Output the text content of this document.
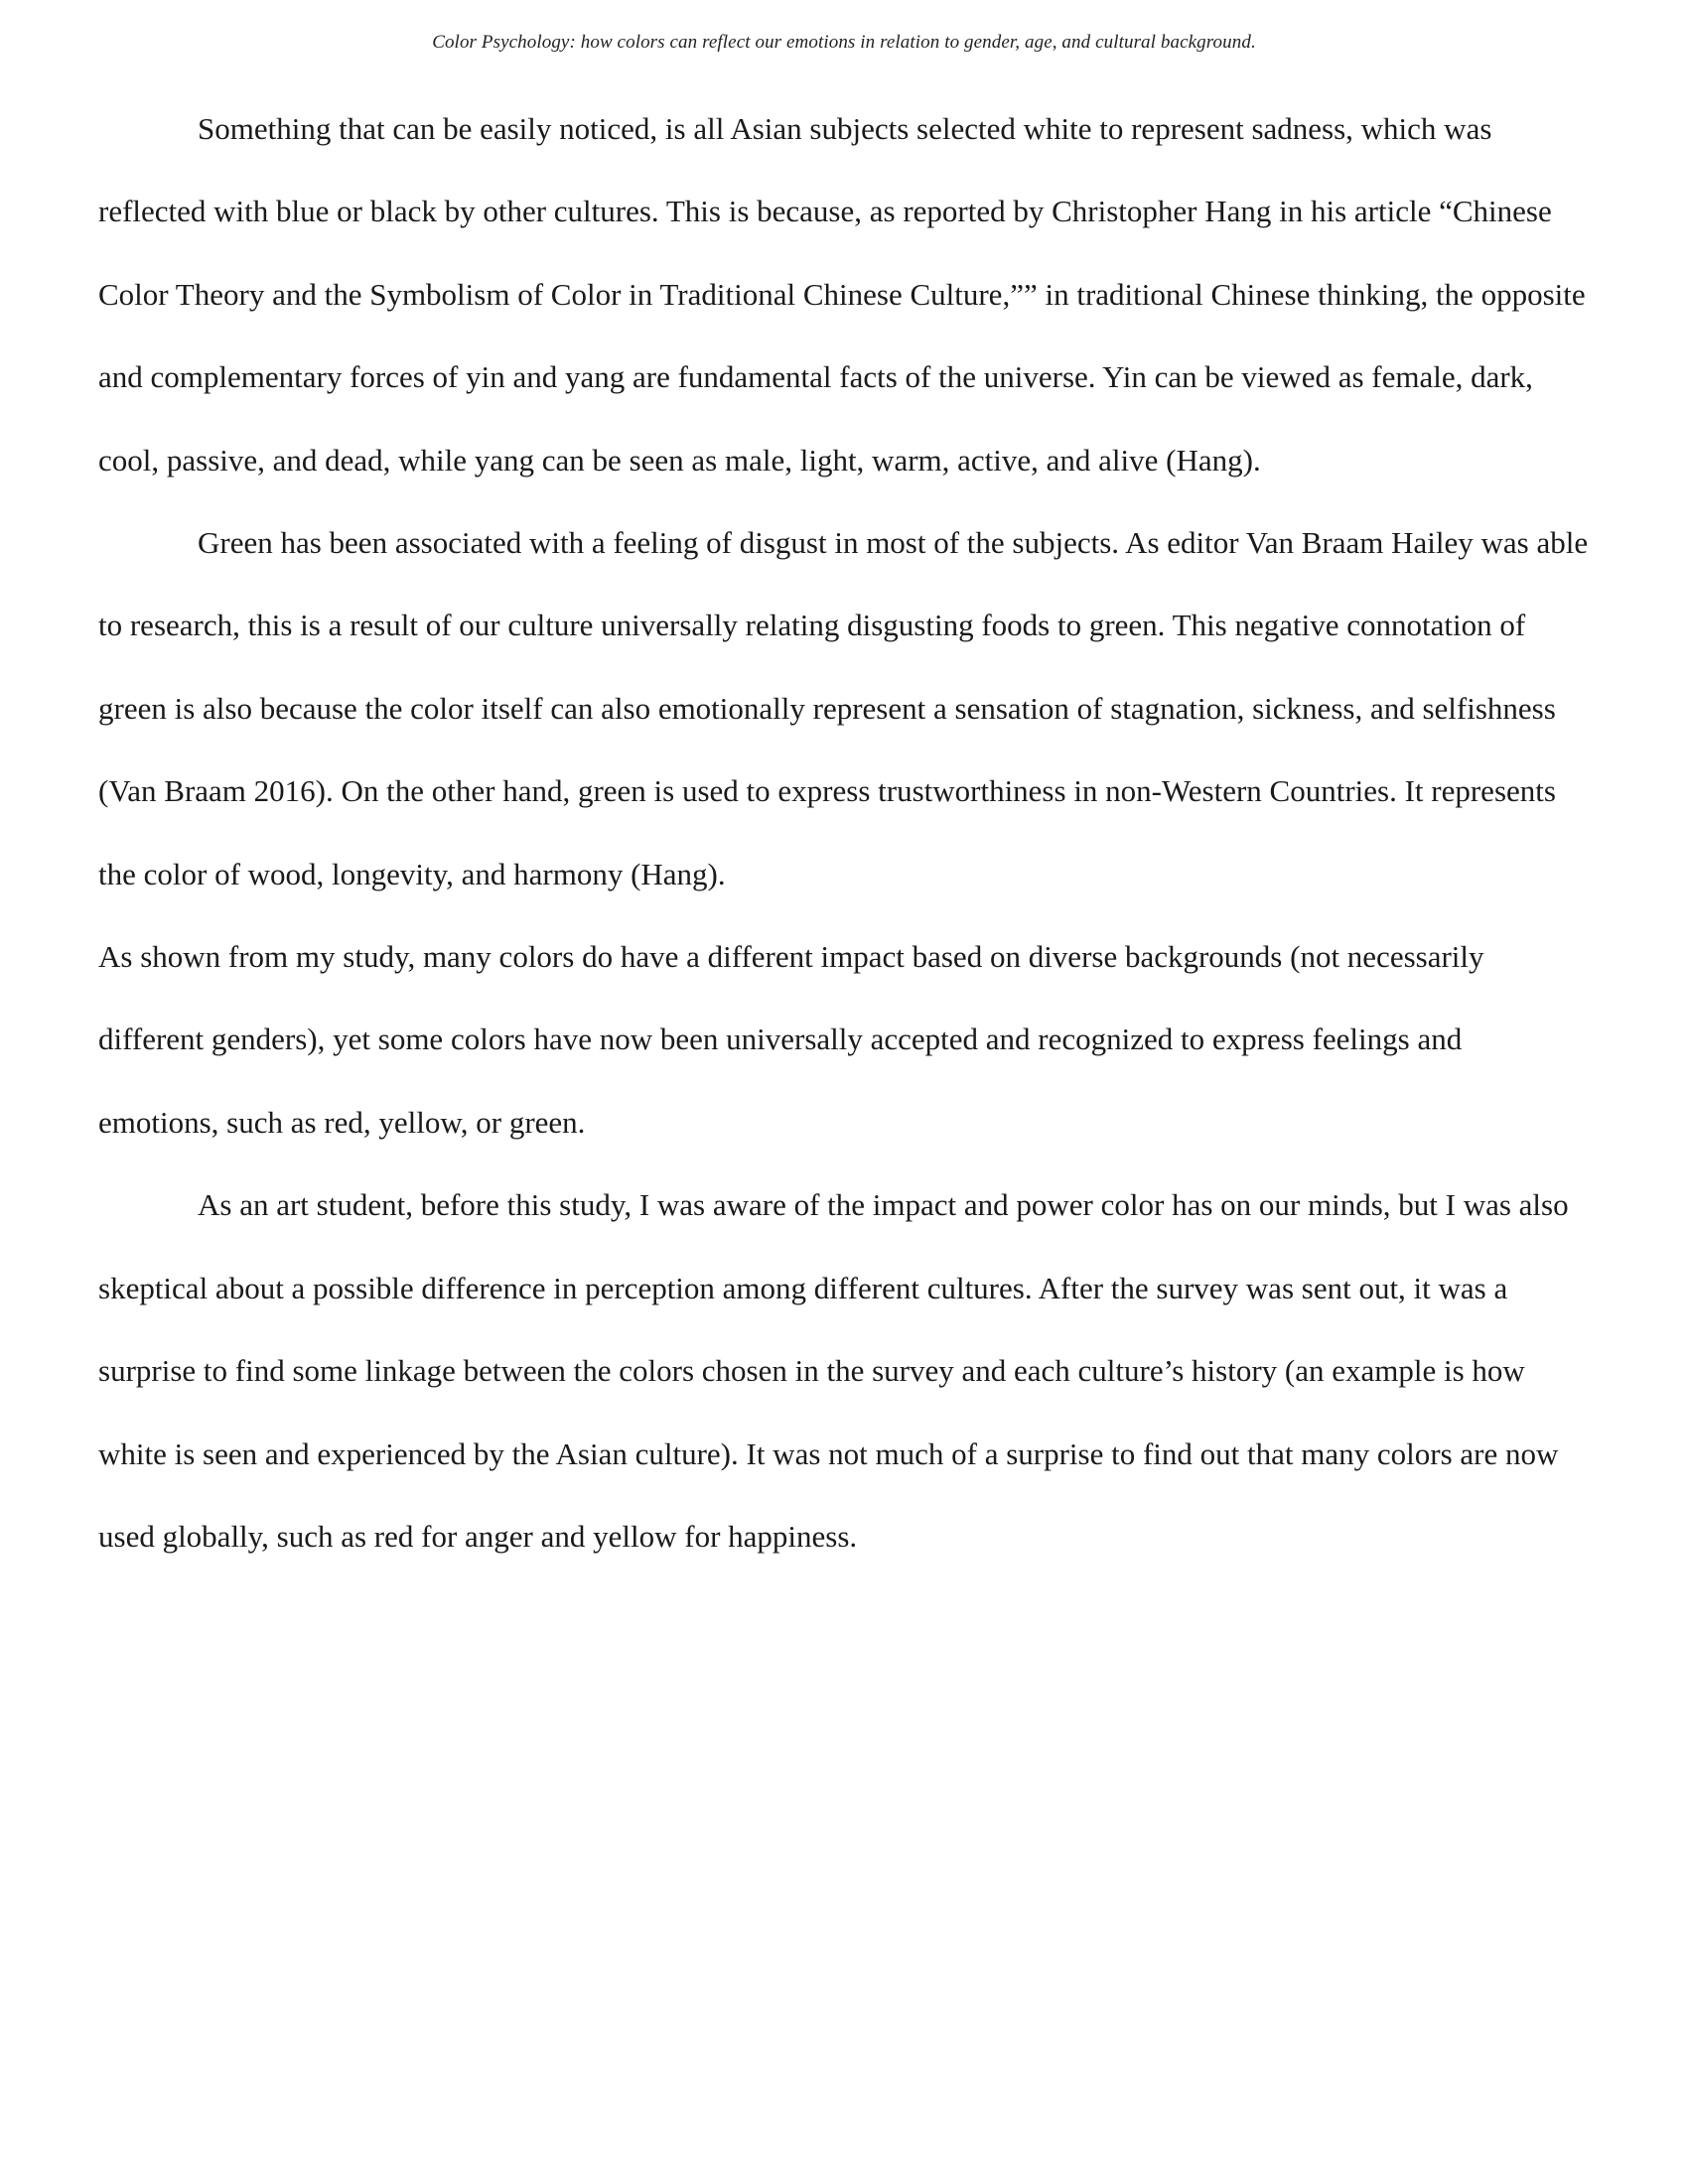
Color Psychology: how colors can reflect our emotions in relation to gender, age, and cultural background.

Something that can be easily noticed, is all Asian subjects selected white to represent sadness, which was reflected with blue or black by other cultures. This is because, as reported by Christopher Hang in his article “Chinese Color Theory and the Symbolism of Color in Traditional Chinese Culture,”” in traditional Chinese thinking, the opposite and complementary forces of yin and yang are fundamental facts of the universe. Yin can be viewed as female, dark, cool, passive, and dead, while yang can be seen as male, light, warm, active, and alive (Hang).

Green has been associated with a feeling of disgust in most of the subjects. As editor Van Braam Hailey was able to research, this is a result of our culture universally relating disgusting foods to green. This negative connotation of green is also because the color itself can also emotionally represent a sensation of stagnation, sickness, and selfishness (Van Braam 2016). On the other hand, green is used to express trustworthiness in non-Western Countries. It represents the color of wood, longevity, and harmony (Hang).

As shown from my study, many colors do have a different impact based on diverse backgrounds (not necessarily different genders), yet some colors have now been universally accepted and recognized to express feelings and emotions, such as red, yellow, or green.

As an art student, before this study, I was aware of the impact and power color has on our minds, but I was also skeptical about a possible difference in perception among different cultures. After the survey was sent out, it was a surprise to find some linkage between the colors chosen in the survey and each culture’s history (an example is how white is seen and experienced by the Asian culture). It was not much of a surprise to find out that many colors are now used globally, such as red for anger and yellow for happiness.
